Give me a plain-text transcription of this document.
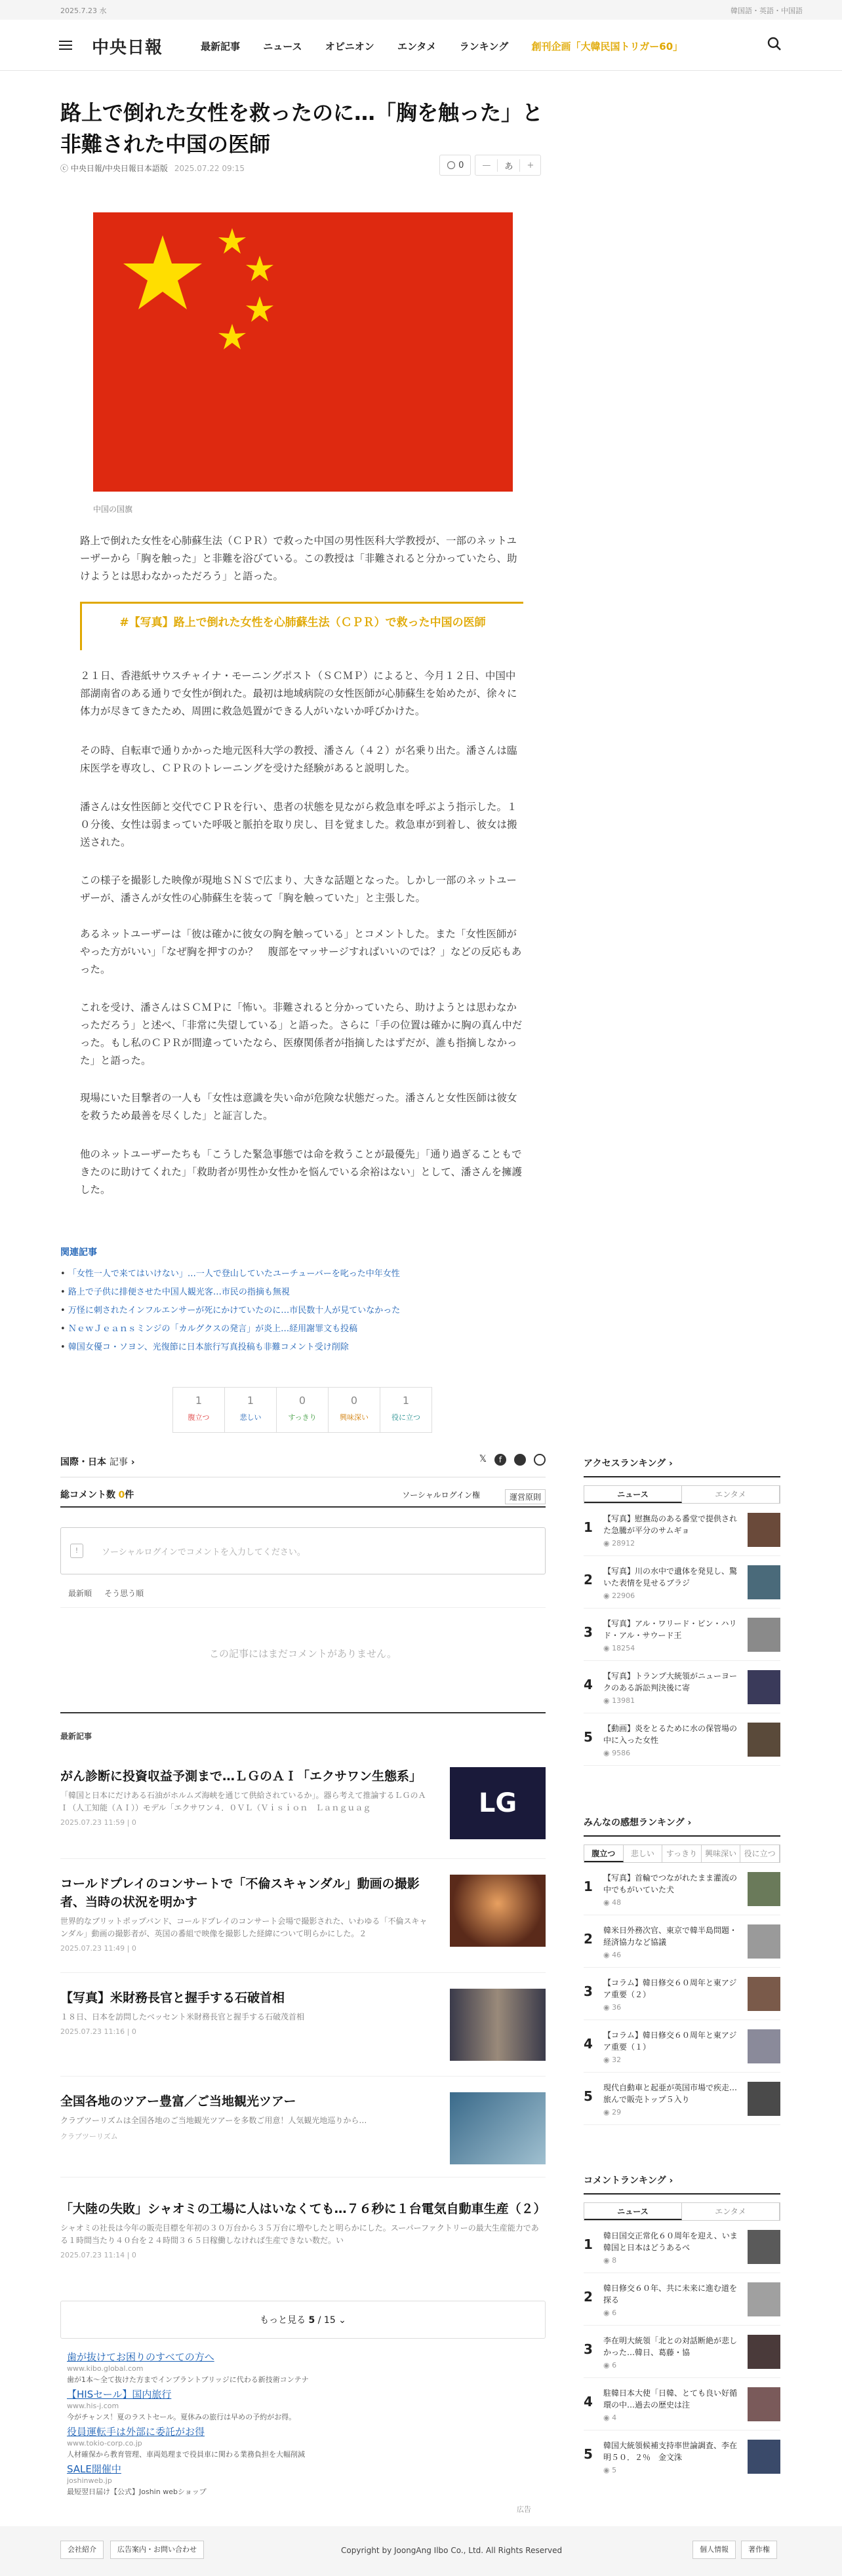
2025.7.23 水	韓国語・英語・中国語
中央日報	最新記事 ニュース オピニオン エンタメ ランキング 創刊企画「大韓民国トリガー60」
路上で倒れた女性を救ったのに…「胸を触った」と非難された中国の医師
ⓒ 中央日報/中央日報日本語版 2025.07.22 09:15
	0	—	あ	+
中国の国旗

路上で倒れた女性を心肺蘇生法（ＣＰＲ）で救った中国の男性医科大学教授が、一部のネットユーザーから「胸を触った」と非難を浴びている。この教授は「非難されると分かっていたら、助けようとは思わなかっただろう」と語った。

#【写真】路上で倒れた女性を心肺蘇生法（ＣＰＲ）で救った中国の医師

２１日、香港紙サウスチャイナ・モーニングポスト（ＳＣＭＰ）によると、今月１２日、中国中部湖南省のある通りで女性が倒れた。最初は地域病院の女性医師が心肺蘇生を始めたが、徐々に体力が尽きてきたため、周囲に救急処置ができる人がいないか呼びかけた。

その時、自転車で通りかかった地元医科大学の教授、潘さん（４２）が名乗り出た。潘さんは臨床医学を専攻し、ＣＰＲのトレーニングを受けた経験があると説明した。

潘さんは女性医師と交代でＣＰＲを行い、患者の状態を見ながら救急車を呼ぶよう指示した。１０分後、女性は弱まっていた呼吸と脈拍を取り戻し、目を覚ました。救急車が到着し、彼女は搬送された。

この様子を撮影した映像が現地ＳＮＳで広まり、大きな話題となった。しかし一部のネットユーザーが、潘さんが女性の心肺蘇生を装って「胸を触っていた」と主張した。

あるネットユーザーは「彼は確かに彼女の胸を触っている」とコメントした。また「女性医師がやった方がいい」「なぜ胸を押すのか？　腹部をマッサージすればいいのでは？」などの反応もあった。

これを受け、潘さんはＳＣＭＰに「怖い。非難されると分かっていたら、助けようとは思わなかっただろう」と述べ、「非常に失望している」と語った。さらに「手の位置は確かに胸の真ん中だった。もし私のＣＰＲが間違っていたなら、医療関係者が指摘したはずだが、誰も指摘しなかった」と語った。

現場にいた目撃者の一人も「女性は意識を失い命が危険な状態だった。潘さんと女性医師は彼女を救うため最善を尽くした」と証言した。

他のネットユーザーたちも「こうした緊急事態では命を救うことが最優先」「通り過ぎることもできたのに助けてくれた」「救助者が男性か女性かを悩んでいる余裕はない」として、潘さんを擁護した。

関連記事
• 「女性一人で来てはいけない」…一人で登山していたユーチューバーを叱った中年女性
• 路上で子供に排便させた中国人観光客…市民の指摘も無視
• 万怪に刺されたインフルエンサーが死にかけていたのに…市民数十人が見ていなかった
• ＮｅｗＪｅａｎｓミンジの「カルグクスの発言」が炎上…経用謝罪文も投稿
• 韓国女優コ・ソヨン、光復節に日本旅行写真投稿も非難コメント受け削除
1
腹立つ
1
悲しい
0
すっきり
0
興味深い
1
役に立つ
国際・日本 記事 ›	𝕏	f
総コメント数 0件	ソーシャルログイン権	運営原則
!	ソーシャルログインでコメントを入力してください。
最新順 そう思う順
この記事にはまだコメントがありません。
最新記事
がん診断に投資収益予測まで…ＬＧのＡＩ「エクサワン生態系」

「韓国と日本にだけある石油がホルムズ海峡を通じて供給されているか」。器ら考えて推論するＬＧのＡＩ（人工知能（ＡＩ））モデル「エクサワン４．０ＶＬ（Ｖｉｓｉｏｎ　Ｌａｎｇｕａｇ

2025.07.23 11:59 | 0
LG
コールドプレイのコンサートで「不倫スキャンダル」動画の撮影者、当時の状況を明かす

世界的なブリットポップバンド、コールドプレイのコンサート会場で撮影された、いわゆる「不倫スキャンダル」動画の撮影者が、英国の番組で映像を撮影した経緯について明らかにした。２

2025.07.23 11:49 | 0
【写真】米財務長官と握手する石破首相

１８日、日本を訪問したベッセント米財務長官と握手する石破茂首相

2025.07.23 11:16 | 0
全国各地のツアー豊富／ご当地観光ツアー

クラブツーリズムは全国各地のご当地観光ツアーを多数ご用意！人気観光地巡りから…

クラブツーリズム
「大陸の失敗」シャオミの工場に人はいなくても…７６秒に１台電気自動車生産（２）

シャオミの社長は今年の販売目標を年初の３０万台から３５万台に増やしたと明らかにした。スーパーファクトリーの最大生産能力である１時間当たり４０台を２４時間３６５日稼働しなければ生産できない数だ。い

2025.07.23 11:14 | 0
もっと見る 5 / 15 ⌄
歯が抜けてお困りのすべての方へ
www.kibo.global.com
歯が1本〜全て抜けた方までインプラントブリッジに代わる新技術コンテナ
【HISセール】国内旅行
www.his-j.com
今がチャンス！夏のラストセール。夏休みの旅行は早めの予約がお得。
役員運転手は外部に委託がお得
www.tokio-corp.co.jp
人材確保から教育管理、車両処理まで役員車に関わる業務負担を大幅削減
SALE開催中
joshinweb.jp
最短翌日届け【公式】Joshin webショップ
広告
アクセスランキング ›
ニュース	エンタメ
1
【写真】慰撫岛のある番堂で提供された急騰が平分のサムギョ
◉ 28912
2
【写真】川の水中で遺体を発見し、驚いた表情を見せるブラジ
◉ 22906
3
【写真】アル・ワリード・ビン・ハリド・アル・サウード王
◉ 18254
4
【写真】トランプ大統領がニューヨークのある訴訟判決後に寄
◉ 13981
5
【動画】炎をとるために水の保管場の中に入った女性
◉ 9586
みんなの感想ランキング ›
腹立つ	悲しい	すっきり 興味深い 役に立つ
1
【写真】首輪でつながれたまま灌流の中でもがいていた犬
◉ 48
2
韓米日外務次官、東京で韓半島問題・経済協力など協議
◉ 46
3
【コラム】韓日修交６０周年と東アジア重要（２）
◉ 36
4
【コラム】韓日修交６０周年と東アジア重要（１）
◉ 32
5
現代自動車と起亜が英国市場で疾走…旅んで販売トップ５入り
◉ 29
コメントランキング ›
ニュース	エンタメ
1
韓日国交正常化６０周年を迎え、いま韓国と日本はどうあるべ
◉ 8
2
韓日修交６０年、共に未来に進む道を探る
◉ 6
3
李在明大統領「北との対話断絶が悲しかった…韓日、葛藤・協
◉ 6
4
駐韓日本大使「日韓、とても良い好循環の中…過去の歴史は注
◉ 4
5
韓国大統領候補支持率世論調査、李在明５０．２％　金文洙
◉ 5
会社紹介	広告案内・お問い合わせ	Copyright by JoongAng Ilbo Co., Ltd. All Rights Reserved	個人情報	著作権
